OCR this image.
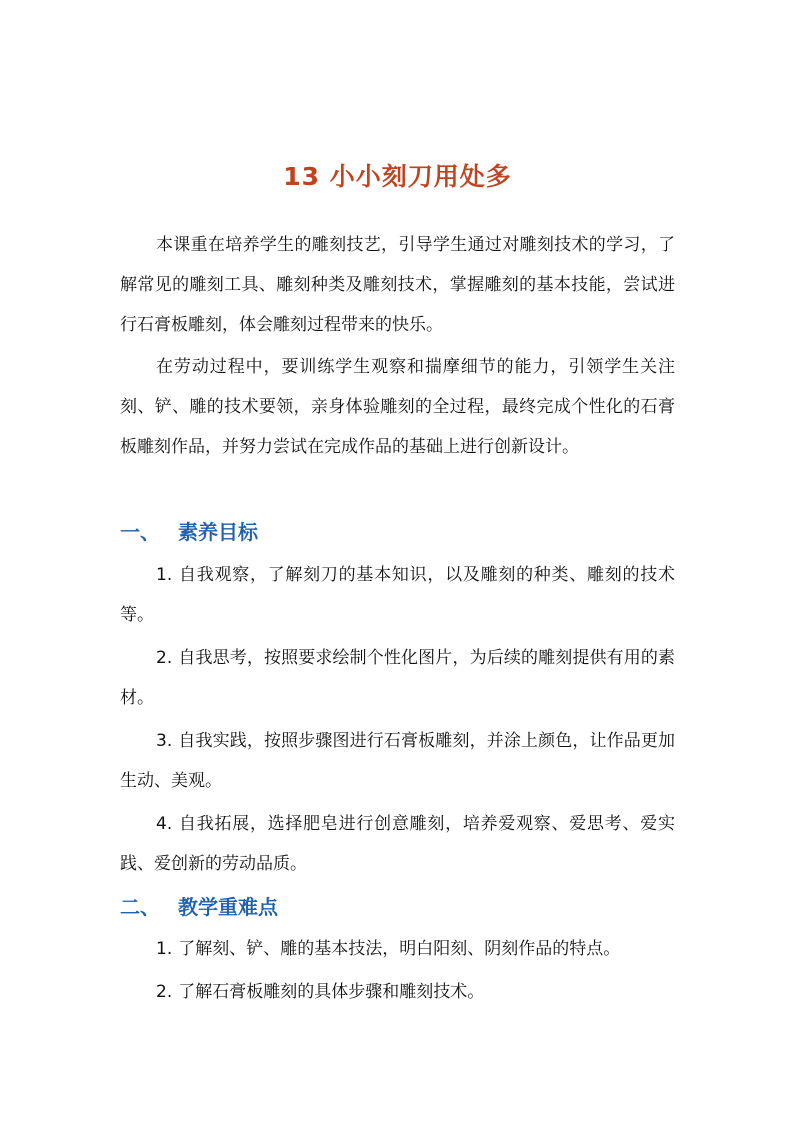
13 小小刻刀用处多

本课重在培养学生的雕刻技艺，引导学生通过对雕刻技术的学习，了解常见的雕刻工具、雕刻种类及雕刻技术，掌握雕刻的基本技能，尝试进行石膏板雕刻，体会雕刻过程带来的快乐。

在劳动过程中，要训练学生观察和揣摩细节的能力，引领学生关注刻、铲、雕的技术要领，亲身体验雕刻的全过程，最终完成个性化的石膏板雕刻作品，并努力尝试在完成作品的基础上进行创新设计。

一、 素养目标

1. 自我观察，了解刻刀的基本知识，以及雕刻的种类、雕刻的技术等。

2. 自我思考，按照要求绘制个性化图片，为后续的雕刻提供有用的素材。

3. 自我实践，按照步骤图进行石膏板雕刻，并涂上颜色，让作品更加生动、美观。

4. 自我拓展，选择肥皂进行创意雕刻，培养爱观察、爱思考、爱实践、爱创新的劳动品质。

二、 教学重难点

1. 了解刻、铲、雕的基本技法，明白阳刻、阴刻作品的特点。

2. 了解石膏板雕刻的具体步骤和雕刻技术。
